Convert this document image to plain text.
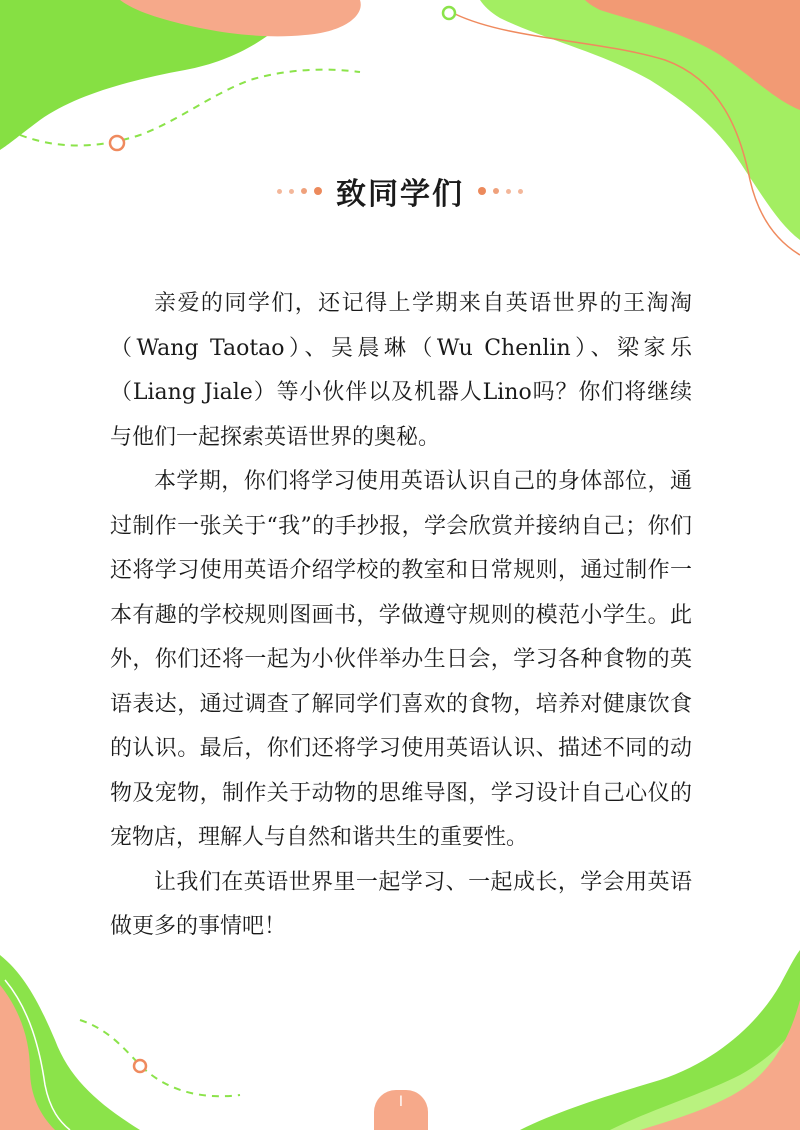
致同学们

亲爱的同学们，还记得上学期来自英语世界的王淘淘（Wang Taotao）、吴晨琳（Wu Chenlin）、梁家乐（Liang Jiale）等小伙伴以及机器人Lino吗？你们将继续与他们一起探索英语世界的奥秘。

本学期，你们将学习使用英语认识自己的身体部位，通过制作一张关于“我”的手抄报，学会欣赏并接纳自己；你们还将学习使用英语介绍学校的教室和日常规则，通过制作一本有趣的学校规则图画书，学做遵守规则的模范小学生。此外，你们还将一起为小伙伴举办生日会，学习各种食物的英语表达，通过调查了解同学们喜欢的食物，培养对健康饮食的认识。最后，你们还将学习使用英语认识、描述不同的动物及宠物，制作关于动物的思维导图，学习设计自己心仪的宠物店，理解人与自然和谐共生的重要性。

让我们在英语世界里一起学习、一起成长，学会用英语做更多的事情吧！

Ⅰ
